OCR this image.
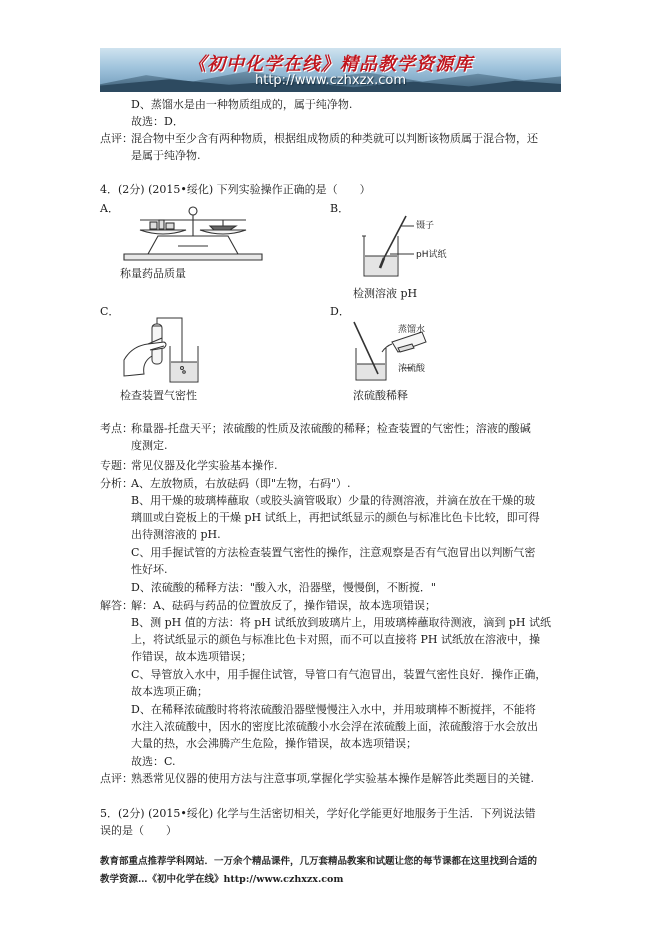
《初中化学在线》精品教学资源库
http://www.czhxzx.com
D、蒸馏水是由一种物质组成的，属于纯净物.
故选：D．
点评：
混合物中至少含有两种物质，根据组成物质的种类就可以判断该物质属于混合物，还
是属于纯净物.
4．(2分) (2015•绥化) 下列实验操作正确的是（　　）
A．	B．
称量药品质量
镊子
pH试纸
检测溶液 pH
C．	D．
检查装置气密性
蒸馏水
浓硫酸
浓硫酸稀释
考点：
称量器-托盘天平；浓硫酸的性质及浓硫酸的稀释；检查装置的气密性；溶液的酸碱
度测定.
专题：
常见仪器及化学实验基本操作.
分析：
A、左放物质，右放砝码（即"左物，右码"）.
B、用干燥的玻璃棒蘸取（或胶头滴管吸取）少量的待测溶液，并滴在放在干燥的玻
璃皿或白瓷板上的干燥 pH 试纸上，再把试纸显示的颜色与标准比色卡比较，即可得
出待测溶液的 pH.
C、用手握试管的方法检查装置气密性的操作，注意观察是否有气泡冒出以判断气密
性好坏.
D、浓硫酸的稀释方法："酸入水，沿器壁，慢慢倒，不断搅．"
解答：
解：A、砝码与药品的位置放反了，操作错误，故本选项错误；
B、测 pH 值的方法：将 pH 试纸放到玻璃片上，用玻璃棒蘸取待测液，滴到 pH 试纸
上，将试纸显示的颜色与标准比色卡对照，而不可以直接将 PH 试纸放在溶液中，操
作错误，故本选项错误；
C、导管放入水中，用手握住试管，导管口有气泡冒出，装置气密性良好．操作正确，
故本选项正确；
D、在稀释浓硫酸时将将浓硫酸沿器壁慢慢注入水中，并用玻璃棒不断搅拌，不能将
水注入浓硫酸中，因水的密度比浓硫酸小水会浮在浓硫酸上面，浓硫酸溶于水会放出
大量的热，水会沸腾产生危险，操作错误，故本选项错误；
故选：C.
点评：
熟悉常见仪器的使用方法与注意事项,掌握化学实验基本操作是解答此类题目的关键.
5．(2分) (2015•绥化) 化学与生活密切相关，学好化学能更好地服务于生活．下列说法错
误的是（　　）
教育部重点推荐学科网站．一万余个精品课件，几万套精品教案和试题让您的每节课都在这里找到合适的
教学资源…《初中化学在线》http://www.czhxzx.com
